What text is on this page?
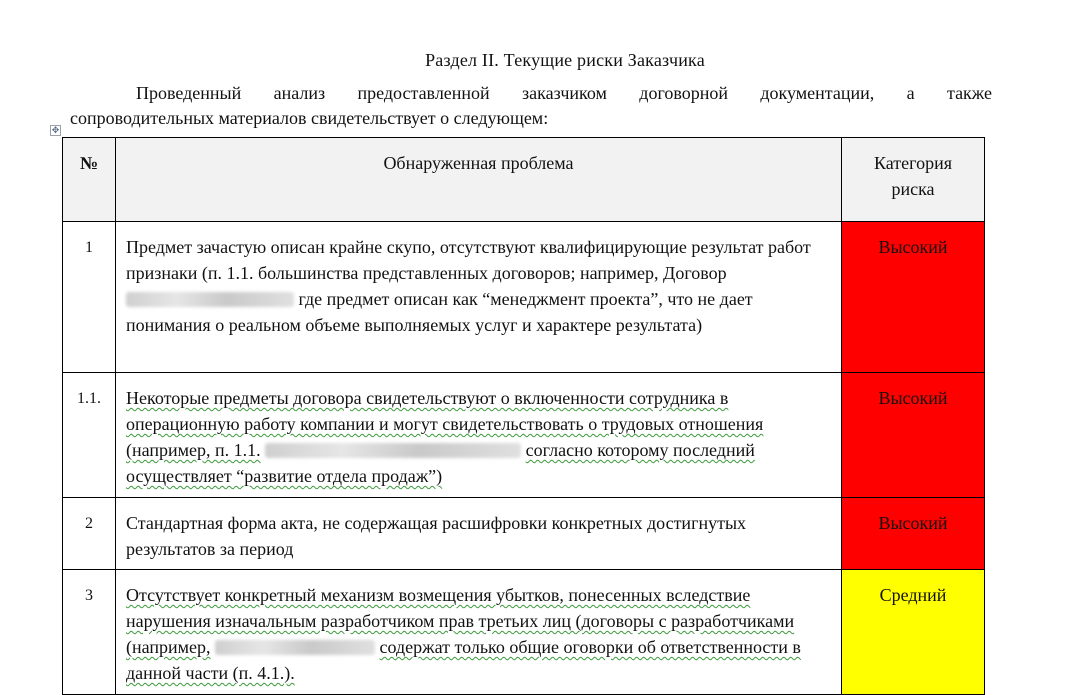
Раздел II. Текущие риски Заказчика
Проведенный анализ предоставленной заказчиком договорной документации, а также
сопроводительных материалов свидетельствует о следующем:
✥
№	Обнаруженная проблема	Категория
риска
1	Предмет зачастую описан крайне скупо, отсутствуют квалифицирующие результат работ признаки (п. 1.1. большинства представленных договоров; например, Договор где предмет описан как “менеджмент проекта”, что не дает понимания о реальном объеме выполняемых услуг и характере результата)	Высокий
1.1.	Некоторые предметы договора свидетельствуют о включенности сотрудника в операционную работу компании и могут свидетельствовать о трудовых отношения (например, п. 1.1. согласно которому последний осуществляет “развитие отдела продаж”)	Высокий
2	Стандартная форма акта, не содержащая расшифровки конкретных достигнутых результатов за период	Высокий
3	Отсутствует конкретный механизм возмещения убытков, понесенных вследствие нарушения изначальным разработчиком прав третьих лиц (договоры с разработчиками (например, содержат только общие оговорки об ответственности в данной части (п. 4.1.).	Средний
